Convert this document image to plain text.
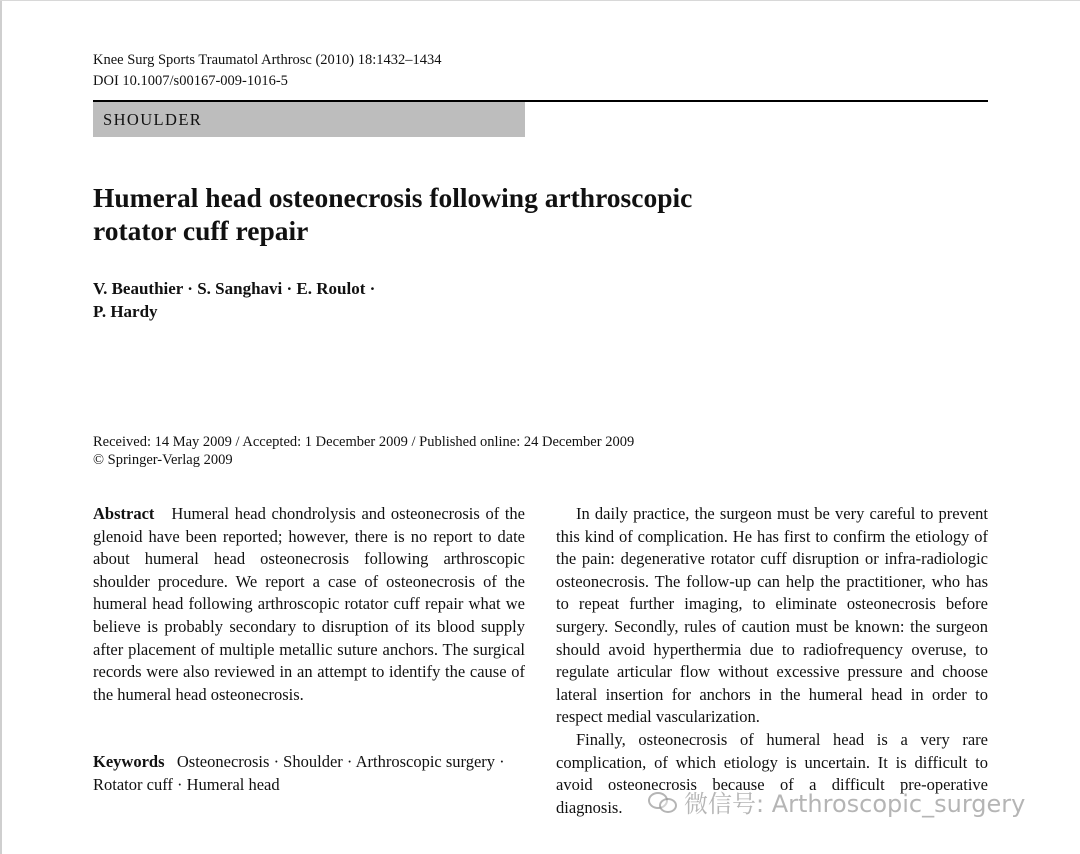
Knee Surg Sports Traumatol Arthrosc (2010) 18:1432–1434
DOI 10.1007/s00167-009-1016-5
SHOULDER
Humeral head osteonecrosis following arthroscopic
rotator cuff repair
V. Beauthier · S. Sanghavi · E. Roulot ·
P. Hardy
Received: 14 May 2009 / Accepted: 1 December 2009 / Published online: 24 December 2009
© Springer-Verlag 2009

Abstract Humeral head chondrolysis and osteonecrosis of the glenoid have been reported; however, there is no report to date about humeral head osteonecrosis following arthroscopic shoulder procedure. We report a case of osteonecrosis of the humeral head following arthroscopic rotator cuff repair what we believe is probably secondary to disruption of its blood supply after placement of multiple metallic suture anchors. The surgical records were also reviewed in an attempt to identify the cause of the humeral head osteonecrosis.

Keywords Osteonecrosis · Shoulder · Arthroscopic surgery · Rotator cuff · Humeral head

In daily practice, the surgeon must be very careful to prevent this kind of complication. He has first to confirm the etiology of the pain: degenerative rotator cuff disruption or infra-radiologic osteonecrosis. The follow-up can help the practitioner, who has to repeat further imaging, to eliminate osteonecrosis before surgery. Secondly, rules of caution must be known: the surgeon should avoid hyperthermia due to radiofrequency overuse, to regulate articular flow without excessive pressure and choose lateral insertion for anchors in the humeral head in order to respect medial vascularization.

Finally, osteonecrosis of humeral head is a very rare complication, of which etiology is uncertain. It is difficult to avoid osteonecrosis because of a difficult pre-operative diagnosis.	微信号: Arthroscopic_surgery
